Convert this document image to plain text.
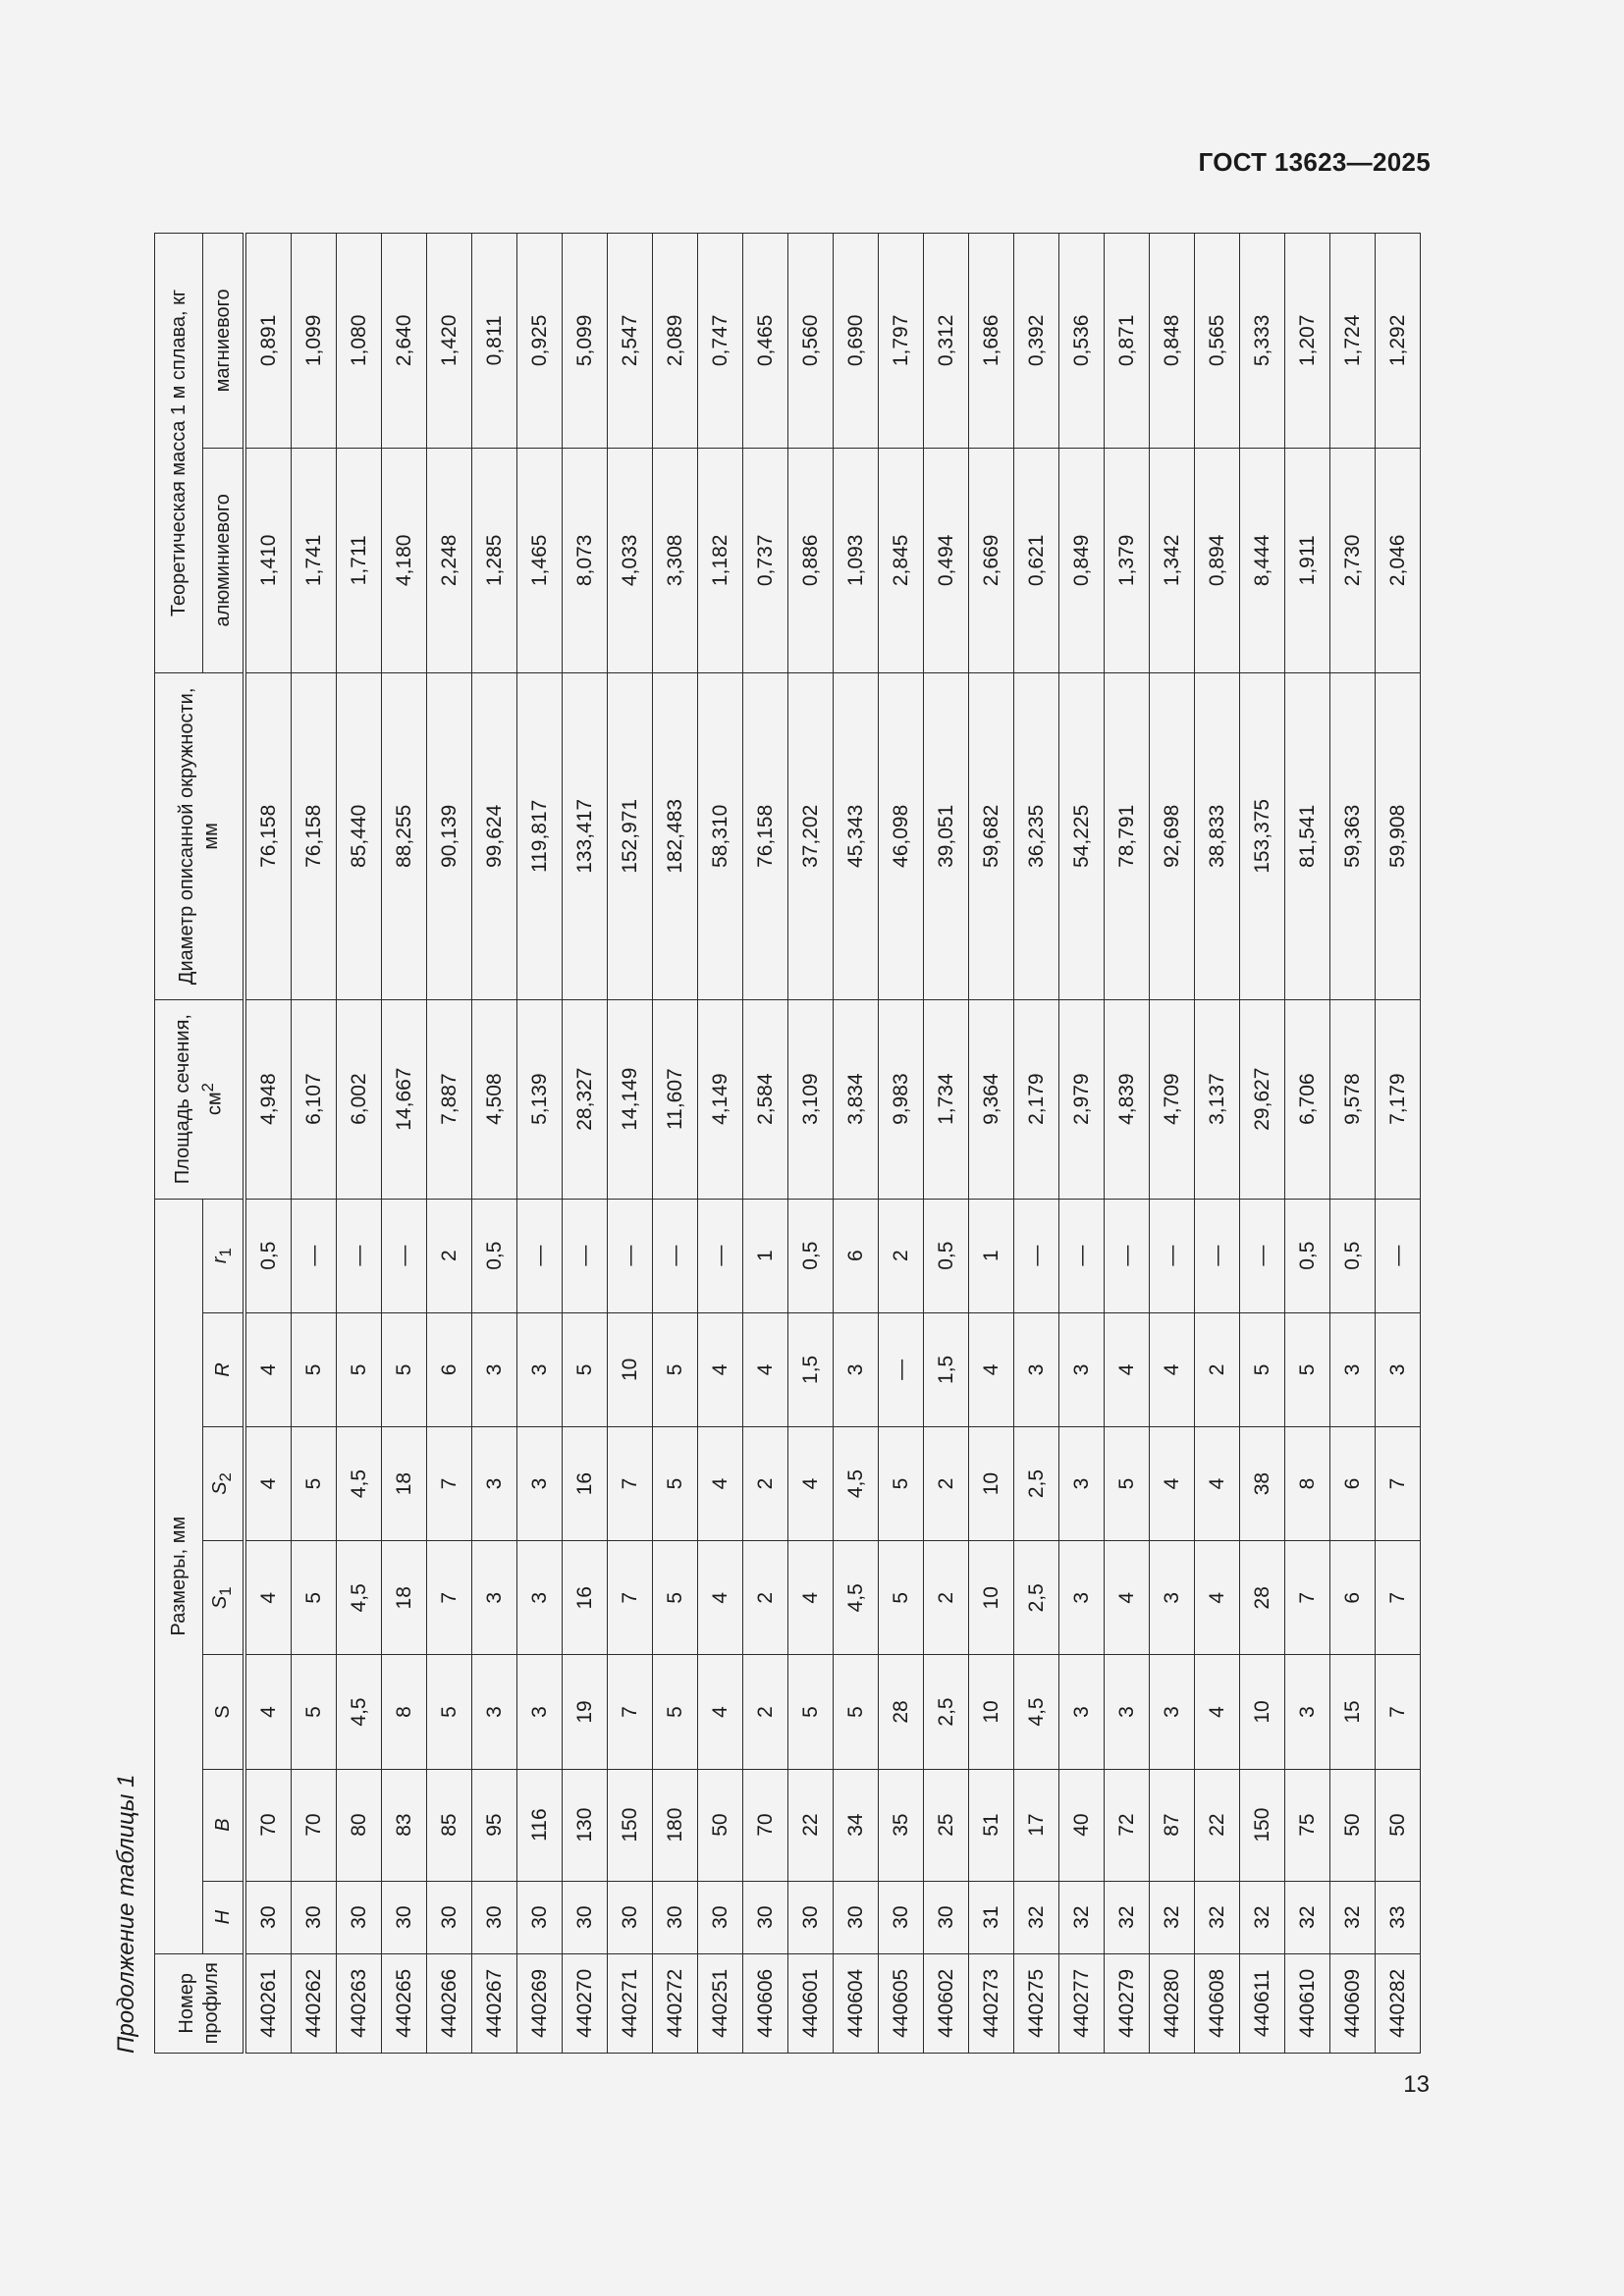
ГОСТ 13623—2025
Продолжение таблицы 1 Номер профиля	Размеры, мм							Площадь сечения, $см^2$	Диаметр описанной окружности, мм	Теоретическая масса 1 м сплава, кг	
	H	B	S	$S_1$	$S_2$	R	$r_1$			алюминиевого	магниевого
440261	30	70	4	4	4	4	0,5	4,948	76,158	1,410	0,891
440262	30	70	5	5	5	5	—	6,107	76,158	1,741	1,099
440263	30	80	4,5	4,5	4,5	5	—	6,002	85,440	1,711	1,080
440265	30	83	8	18	18	5	—	14,667	88,255	4,180	2,640
440266	30	85	5	7	7	6	2	7,887	90,139	2,248	1,420
440267	30	95	3	3	3	3	0,5	4,508	99,624	1,285	0,811
440269	30	116	3	3	3	3	—	5,139	119,817	1,465	0,925
440270	30	130	19	16	16	5	—	28,327	133,417	8,073	5,099
440271	30	150	7	7	7	10	—	14,149	152,971	4,033	2,547
440272	30	180	5	5	5	5	—	11,607	182,483	3,308	2,089
440251	30	50	4	4	4	4	—	4,149	58,310	1,182	0,747
440606	30	70	2	2	2	4	1	2,584	76,158	0,737	0,465
440601	30	22	5	4	4	1,5	0,5	3,109	37,202	0,886	0,560
440604	30	34	5	4,5	4,5	3	6	3,834	45,343	1,093	0,690
440605	30	35	28	5	5	—	2	9,983	46,098	2,845	1,797
440602	30	25	2,5	2	2	1,5	0,5	1,734	39,051	0,494	0,312
440273	31	51	10	10	10	4	1	9,364	59,682	2,669	1,686
440275	32	17	4,5	2,5	2,5	3	—	2,179	36,235	0,621	0,392
440277	32	40	3	3	3	3	—	2,979	54,225	0,849	0,536
440279	32	72	3	4	5	4	—	4,839	78,791	1,379	0,871
440280	32	87	3	3	4	4	—	4,709	92,698	1,342	0,848
440608	32	22	4	4	4	2	—	3,137	38,833	0,894	0,565
440611	32	150	10	28	38	5	—	29,627	153,375	8,444	5,333
440610	32	75	3	7	8	5	0,5	6,706	81,541	1,911	1,207
440609	32	50	15	6	6	3	0,5	9,578	59,363	2,730	1,724
440282	33	50	7	7	7	3	—	7,179	59,908	2,046	1,292
13
